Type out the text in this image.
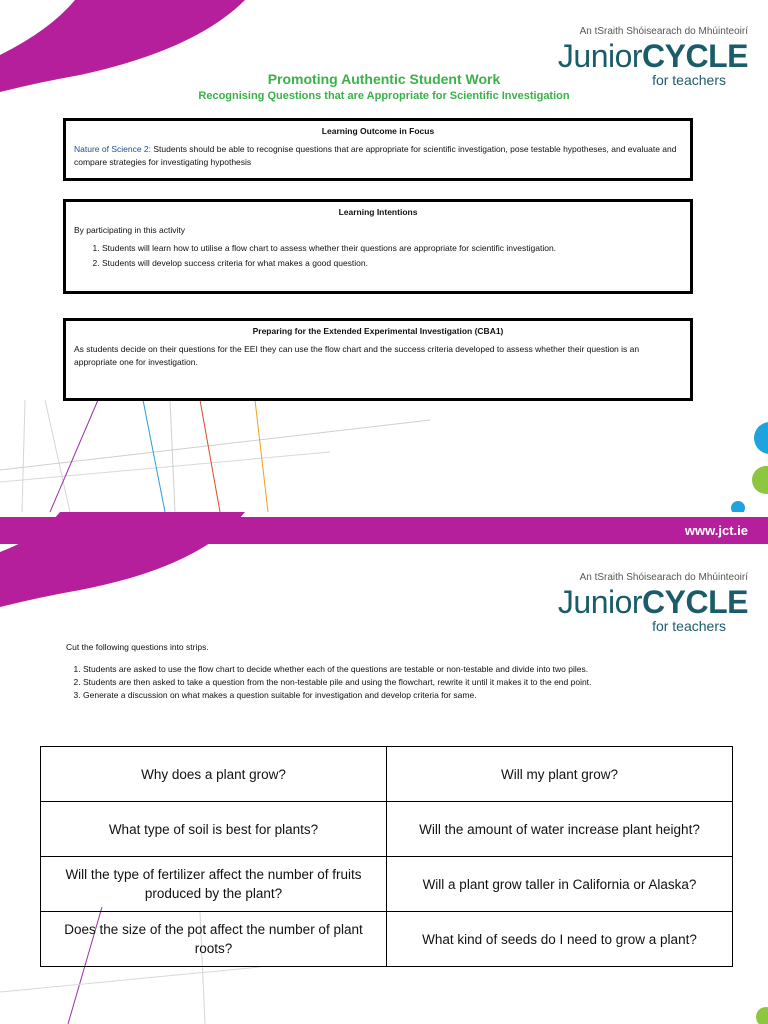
An tSraith Shóisearach do Mhúinteoirí
JuniorCYCLE
for teachers
Promoting Authentic Student Work
Recognising Questions that are Appropriate for Scientific Investigation
Learning Outcome in Focus
Nature of Science 2: Students should be able to recognise questions that are appropriate for scientific investigation, pose testable hypotheses, and evaluate and compare strategies for investigating hypothesis
Learning Intentions
By participating in this activity
1. Students will learn how to utilise a flow chart to assess whether their questions are appropriate for scientific investigation.
2. Students will develop success criteria for what makes a good question.
Preparing for the Extended Experimental Investigation (CBA1)
As students decide on their questions for the EEI they can use the flow chart and the success criteria developed to assess whether their question is an appropriate one for investigation.
www.jct.ie
An tSraith Shóisearach do Mhúinteoirí
JuniorCYCLE
for teachers
Cut the following questions into strips.
1. Students are asked to use the flow chart to decide whether each of the questions are testable or non-testable and divide into two piles.
2. Students are then asked to take a question from the non-testable pile and using the flowchart, rewrite it until it makes it to the end point.
3. Generate a discussion on what makes a question suitable for investigation and develop criteria for same.
Why does a plant grow?	Will my plant grow?
What type of soil is best for plants?	Will the amount of water increase plant height?
Will the type of fertilizer affect the number of fruits produced by the plant?	Will a plant grow taller in California or Alaska?
Does the size of the pot affect the number of plant roots?	What kind of seeds do I need to grow a plant?
